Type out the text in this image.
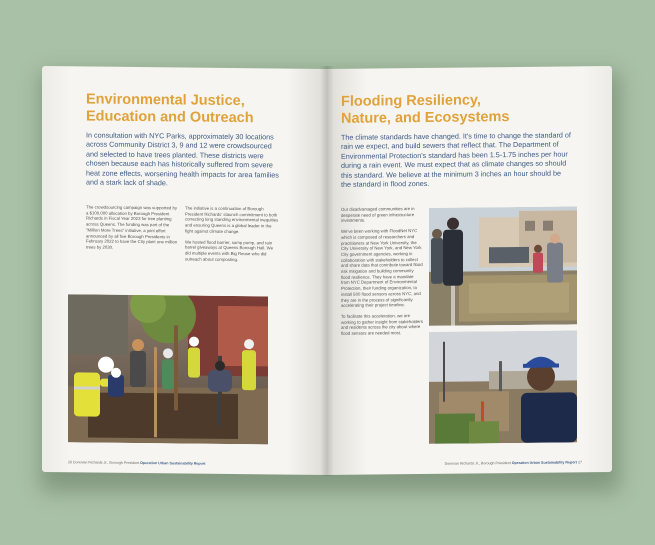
Environmental Justice,
Education and Outreach
In consultation with NYC Parks, approximately 30 locations across Community District 3, 9 and 12 were crowdsourced and selected to have trees planted. These districts were chosen because each has historically suffered from severe heat zone effects, worsening health impacts for area families and a stark lack of shade.

The crowdsourcing campaign was supported by a $100,000 allocation by Borough President Richards in Fiscal Year 2023 for tree planting across Queens. The funding was part of the "Million More Trees" initiative, a joint effort announced by all five Borough Presidents in February 2022 to have the City plant one million trees by 2030.

The initiative is a continuation of Borough President Richards' staunch commitment to both correcting long standing environmental inequities and ensuring Queens is a global leader in the fight against climate change.

We hosted flood barrier, sump pump, and rain barrel giveaways at Queens Borough Hall. We did multiple events with Big Reuse who did outreach about composting.

26 Donovan Richards Jr., Borough President Operation Urban Sustainability Report
Flooding Resiliency,
Nature, and Ecosystems
The climate standards have changed. It's time to change the standard of rain we expect, and build sewers that reflect that. The Department of Environmental Protection's standard has been 1.5-1.75 inches per hour during a rain event. We must expect that as climate changes so should this standard. We believe at the minimum 3 inches an hour should be the standard in flood zones.

Our disadvantaged communities are in desperate need of green infrastructure investments.

We've been working with FloodNet NYC which is composed of researchers and practitioners at New York University, the City University of New York, and New York City government agencies, working in collaboration with stakeholders to collect and share data that contribute toward flood risk mitigation and building community flood resilience. They have a mandate from NYC Department of Environmental Protection, their funding organization, to install 500 flood sensors across NYC, and they are in the process of significantly accelerating their project timeline.

To facilitate this acceleration, we are working to gather insight from stakeholders and residents across the city about where flood sensors are needed most.

Donovan Richards Jr., Borough President Operation Urban Sustainability Report 27
